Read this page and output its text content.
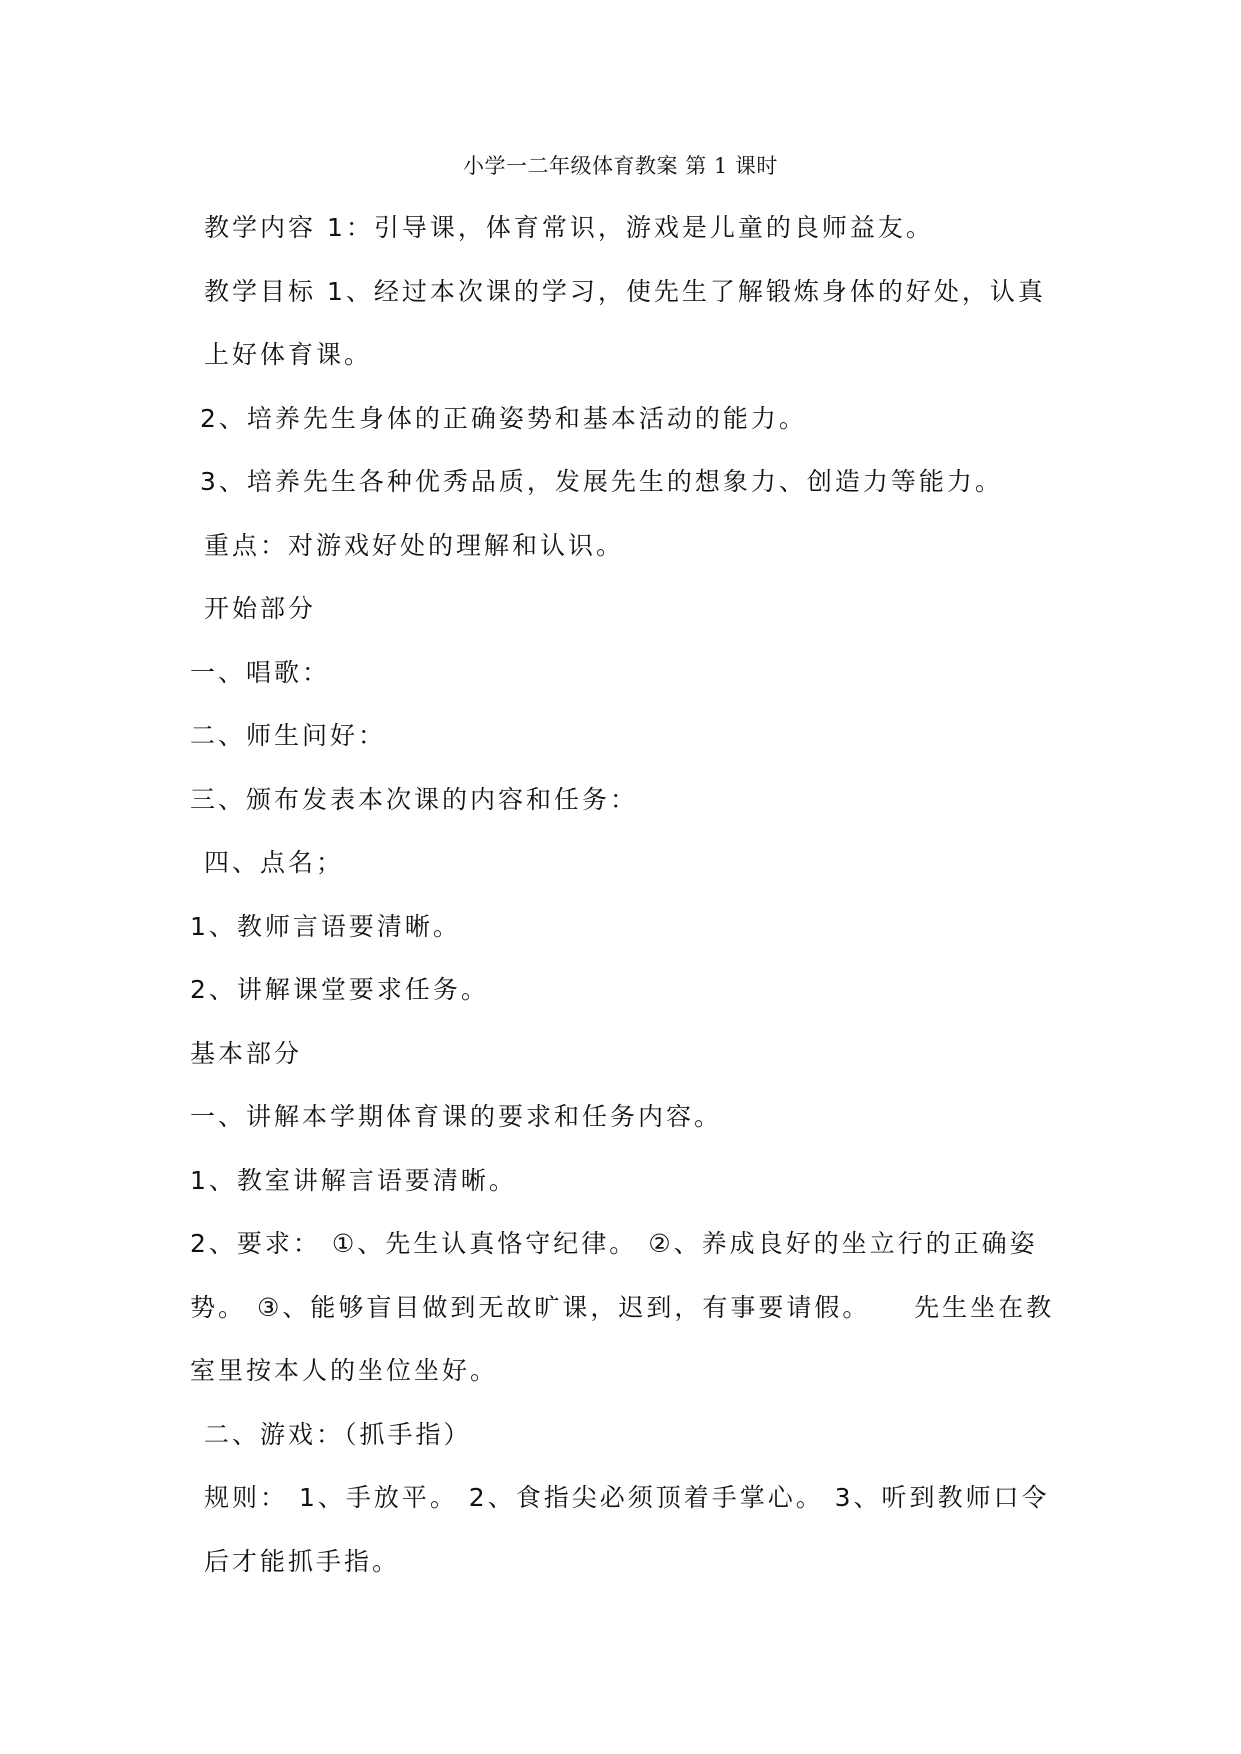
小学一二年级体育教案 第 1 课时

教学内容 1：引导课，体育常识，游戏是儿童的良师益友。

教学目标 1、经过本次课的学习，使先生了解锻炼身体的好处，认真上好体育课。

2、培养先生身体的正确姿势和基本活动的能力。

3、培养先生各种优秀品质，发展先生的想象力、创造力等能力。

重点：对游戏好处的理解和认识。

开始部分

一、唱歌：

二、师生问好：

三、颁布发表本次课的内容和任务：

四、点名；

1、教师言语要清晰。

2、讲解课堂要求任务。

基本部分

一、讲解本学期体育课的要求和任务内容。

1、教室讲解言语要清晰。

2、要求： ①、先生认真恪守纪律。 ②、养成良好的坐立行的正确姿势。 ③、能够盲目做到无故旷课，迟到，有事要请假。    先生坐在教室里按本人的坐位坐好。

二、游戏：（抓手指）

规则： 1、手放平。 2、食指尖必须顶着手掌心。 3、听到教师口令后才能抓手指。
